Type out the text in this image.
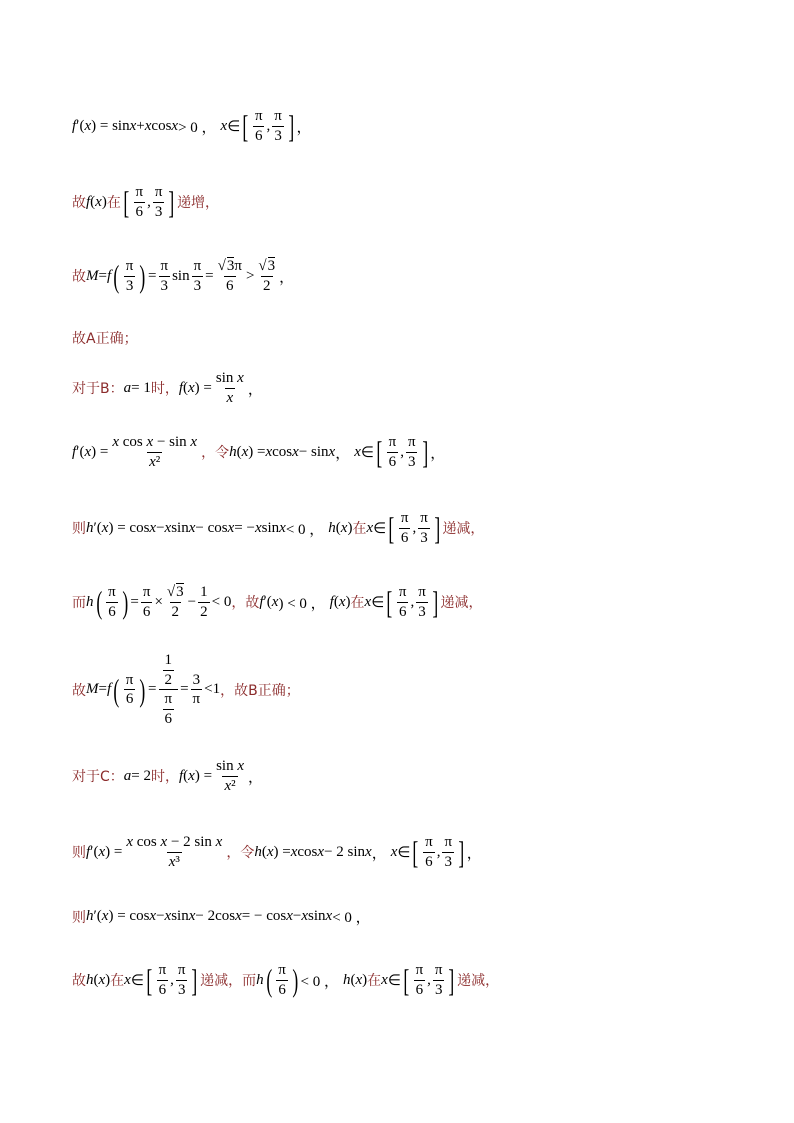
f ′( x ) = sin x + x cos x > 0 ， x ∈ [ $\frac{\pi}{6}$ , $\frac{\pi}{3}$ ] ，
故 f ( x ) 在 [ $\frac{\pi}{6}$ , $\frac{\pi}{3}$ ] 递增，
故 M = f ( $\frac{\pi}{3}$ ) = $\frac{\pi}{3}$ $\sin \frac{\pi}{3} = \frac{√3\pi}{6} > \frac{√3}{2}$ ，
故A正确；
对于B： a = 1 时， f ( x ) = $\frac{\text{sin x}}{x}$ ，
f ′( x ) = $\frac{\text{x cos x − sin x}}{\text{x²}}$ ，令 h ( x ) = x cos x − sin x ， x ∈ [ $\frac{\pi}{6}$ , $\frac{\pi}{3}$ ] ，
则 h ′( x ) = cos x − x sin x − cos x = − x sin x < 0 ， h ( x ) 在 x ∈ [ $\frac{\pi}{6}$ , $\frac{\pi}{3}$ ] 递减，
而 h ( $\frac{\pi}{6}$ ) = $\frac{\pi}{6} \times \frac{√3}{2} - \frac{1}{2} < 0$ ，故 f ′( x ) < 0 ， f ( x ) 在 x ∈ [ $\frac{\pi}{6}$ , $\frac{\pi}{3}$ ] 递减，
故 M = f ( $\frac{\pi}{6}$ ) = $\frac{\frac{1}{2}}{\frac{\pi}{6}} = \frac{3}{\pi} <1$ ，故B正确；
对于C： a = 2 时， f ( x ) = $\frac{\text{sin x}}{\text{x²}}$ ，
则 f ′( x ) = $\frac{\text{x cos x − 2 sin x}}{\text{x³}}$ ，令 h ( x ) = x cos x − 2 sin x ， x ∈ [ $\frac{\pi}{6}$ , $\frac{\pi}{3}$ ] ，
则 h ′( x ) = cos x − x sin x − 2cos x = − cos x − x sin x < 0 ，
故 h ( x ) 在 x ∈ [ $\frac{\pi}{6}$ , $\frac{\pi}{3}$ ] 递减，而 h ( $\frac{\pi}{6}$ ) < 0 ， h ( x ) 在 x ∈ [ $\frac{\pi}{6}$ , $\frac{\pi}{3}$ ] 递减，
